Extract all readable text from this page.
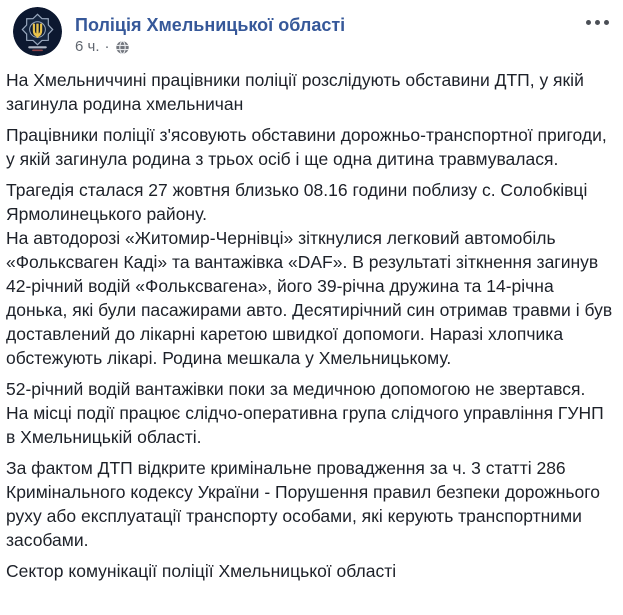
Поліція Хмельницької області
6 ч. ·

На Хмельниччині працівники поліції розслідують обставини ДТП, у якій загинула родина хмельничан

Працівники поліції з'ясовують обставини дорожньо-транспортної пригоди, у якій загинула родина з трьох осіб і ще одна дитина травмувалася.

Трагедія сталася 27 жовтня близько 08.16 години поблизу с. Солобківці Ярмолинецького району.
На автодорозі «Житомир-Чернівці» зіткнулися легковий автомобіль «Фольксваген Каді» та вантажівка «DAF». В результаті зіткнення загинув 42-річний водій «Фольксвагена», його 39-річна дружина та 14-річна донька, які були пасажирами авто. Десятирічний син отримав травми і був доставлений до лікарні каретою швидкої допомоги. Наразі хлопчика обстежують лікарі. Родина мешкала у Хмельницькому.

52-річний водій вантажівки поки за медичною допомогою не звертався.
На місці події працює слідчо-оперативна група слідчого управління ГУНП в Хмельницькій області.

За фактом ДТП відкрите кримінальне провадження за ч. 3 статті 286 Кримінального кодексу України - Порушення правил безпеки дорожнього руху або експлуатації транспорту особами, які керують транспортними засобами.

Сектор комунікації поліції Хмельницької області
